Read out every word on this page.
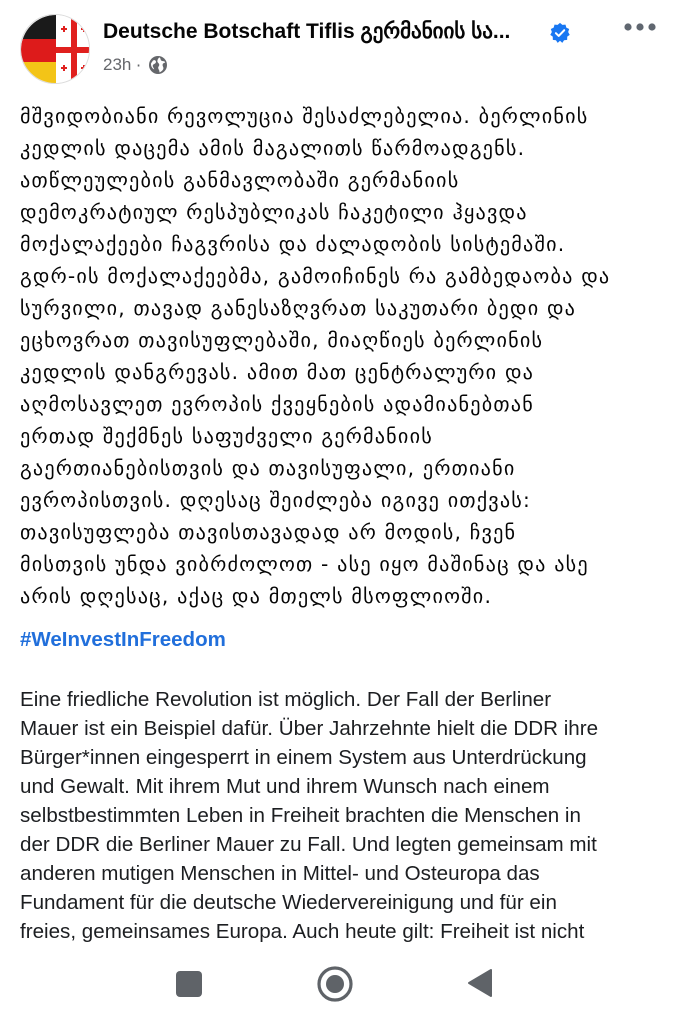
Deutsche Botschaft Tiflis გერმანიის სა...
23h ·
მშვიდობიანი რევოლუცია შესაძლებელია. ბერლინის
კედლის დაცემა ამის მაგალითს წარმოადგენს.
ათწლეულების განმავლობაში გერმანიის
დემოკრატიულ რესპუბლიკას ჩაკეტილი ჰყავდა
მოქალაქეები ჩაგვრისა და ძალადობის სისტემაში.
გდრ-ის მოქალაქეებმა, გამოიჩინეს რა გამბედაობა და
სურვილი, თავად განესაზღვრათ საკუთარი ბედი და
ეცხოვრათ თავისუფლებაში, მიაღწიეს ბერლინის
კედლის დანგრევას. ამით მათ ცენტრალური და
აღმოსავლეთ ევროპის ქვეყნების ადამიანებთან
ერთად შექმნეს საფუძველი გერმანიის
გაერთიანებისთვის და თავისუფალი, ერთიანი
ევროპისთვის. დღესაც შეიძლება იგივე ითქვას:
თავისუფლება თავისთავადად არ მოდის, ჩვენ
მისთვის უნდა ვიბრძოლოთ - ასე იყო მაშინაც და ასე
არის დღესაც, აქაც და მთელს მსოფლიოში.
#WeInvestInFreedom
Eine friedliche Revolution ist möglich. Der Fall der Berliner
Mauer ist ein Beispiel dafür. Über Jahrzehnte hielt die DDR ihre
Bürger*innen eingesperrt in einem System aus Unterdrückung
und Gewalt. Mit ihrem Mut und ihrem Wunsch nach einem
selbstbestimmten Leben in Freiheit brachten die Menschen in
der DDR die Berliner Mauer zu Fall. Und legten gemeinsam mit
anderen mutigen Menschen in Mittel- und Osteuropa das
Fundament für die deutsche Wiedervereinigung und für ein
freies, gemeinsames Europa. Auch heute gilt: Freiheit ist nicht
